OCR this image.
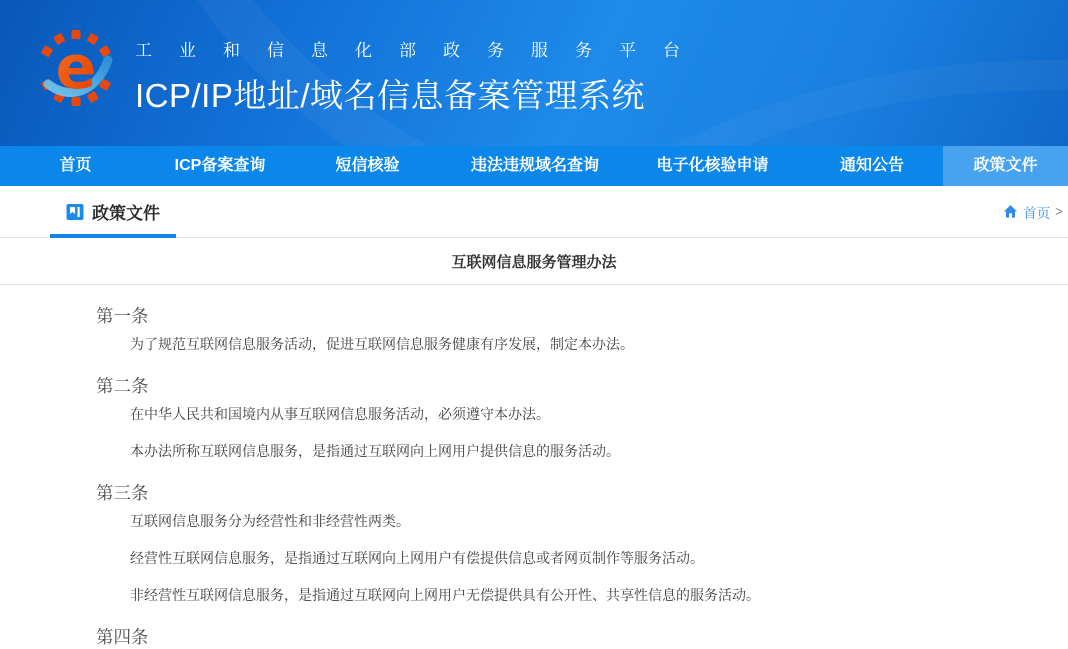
e 工业和信息化部政务服务平台
ICP/IP地址/域名信息备案管理系统
首页	ICP备案查询	短信核验	违法违规域名查询	电子化核验申请	通知公告	政策文件
政策文件	首页 >
互联网信息服务管理办法
第一条

为了规范互联网信息服务活动，促进互联网信息服务健康有序发展，制定本办法。

第二条

在中华人民共和国境内从事互联网信息服务活动，必须遵守本办法。

本办法所称互联网信息服务，是指通过互联网向上网用户提供信息的服务活动。

第三条

互联网信息服务分为经营性和非经营性两类。

经营性互联网信息服务，是指通过互联网向上网用户有偿提供信息或者网页制作等服务活动。

非经营性互联网信息服务，是指通过互联网向上网用户无偿提供具有公开性、共享性信息的服务活动。

第四条
